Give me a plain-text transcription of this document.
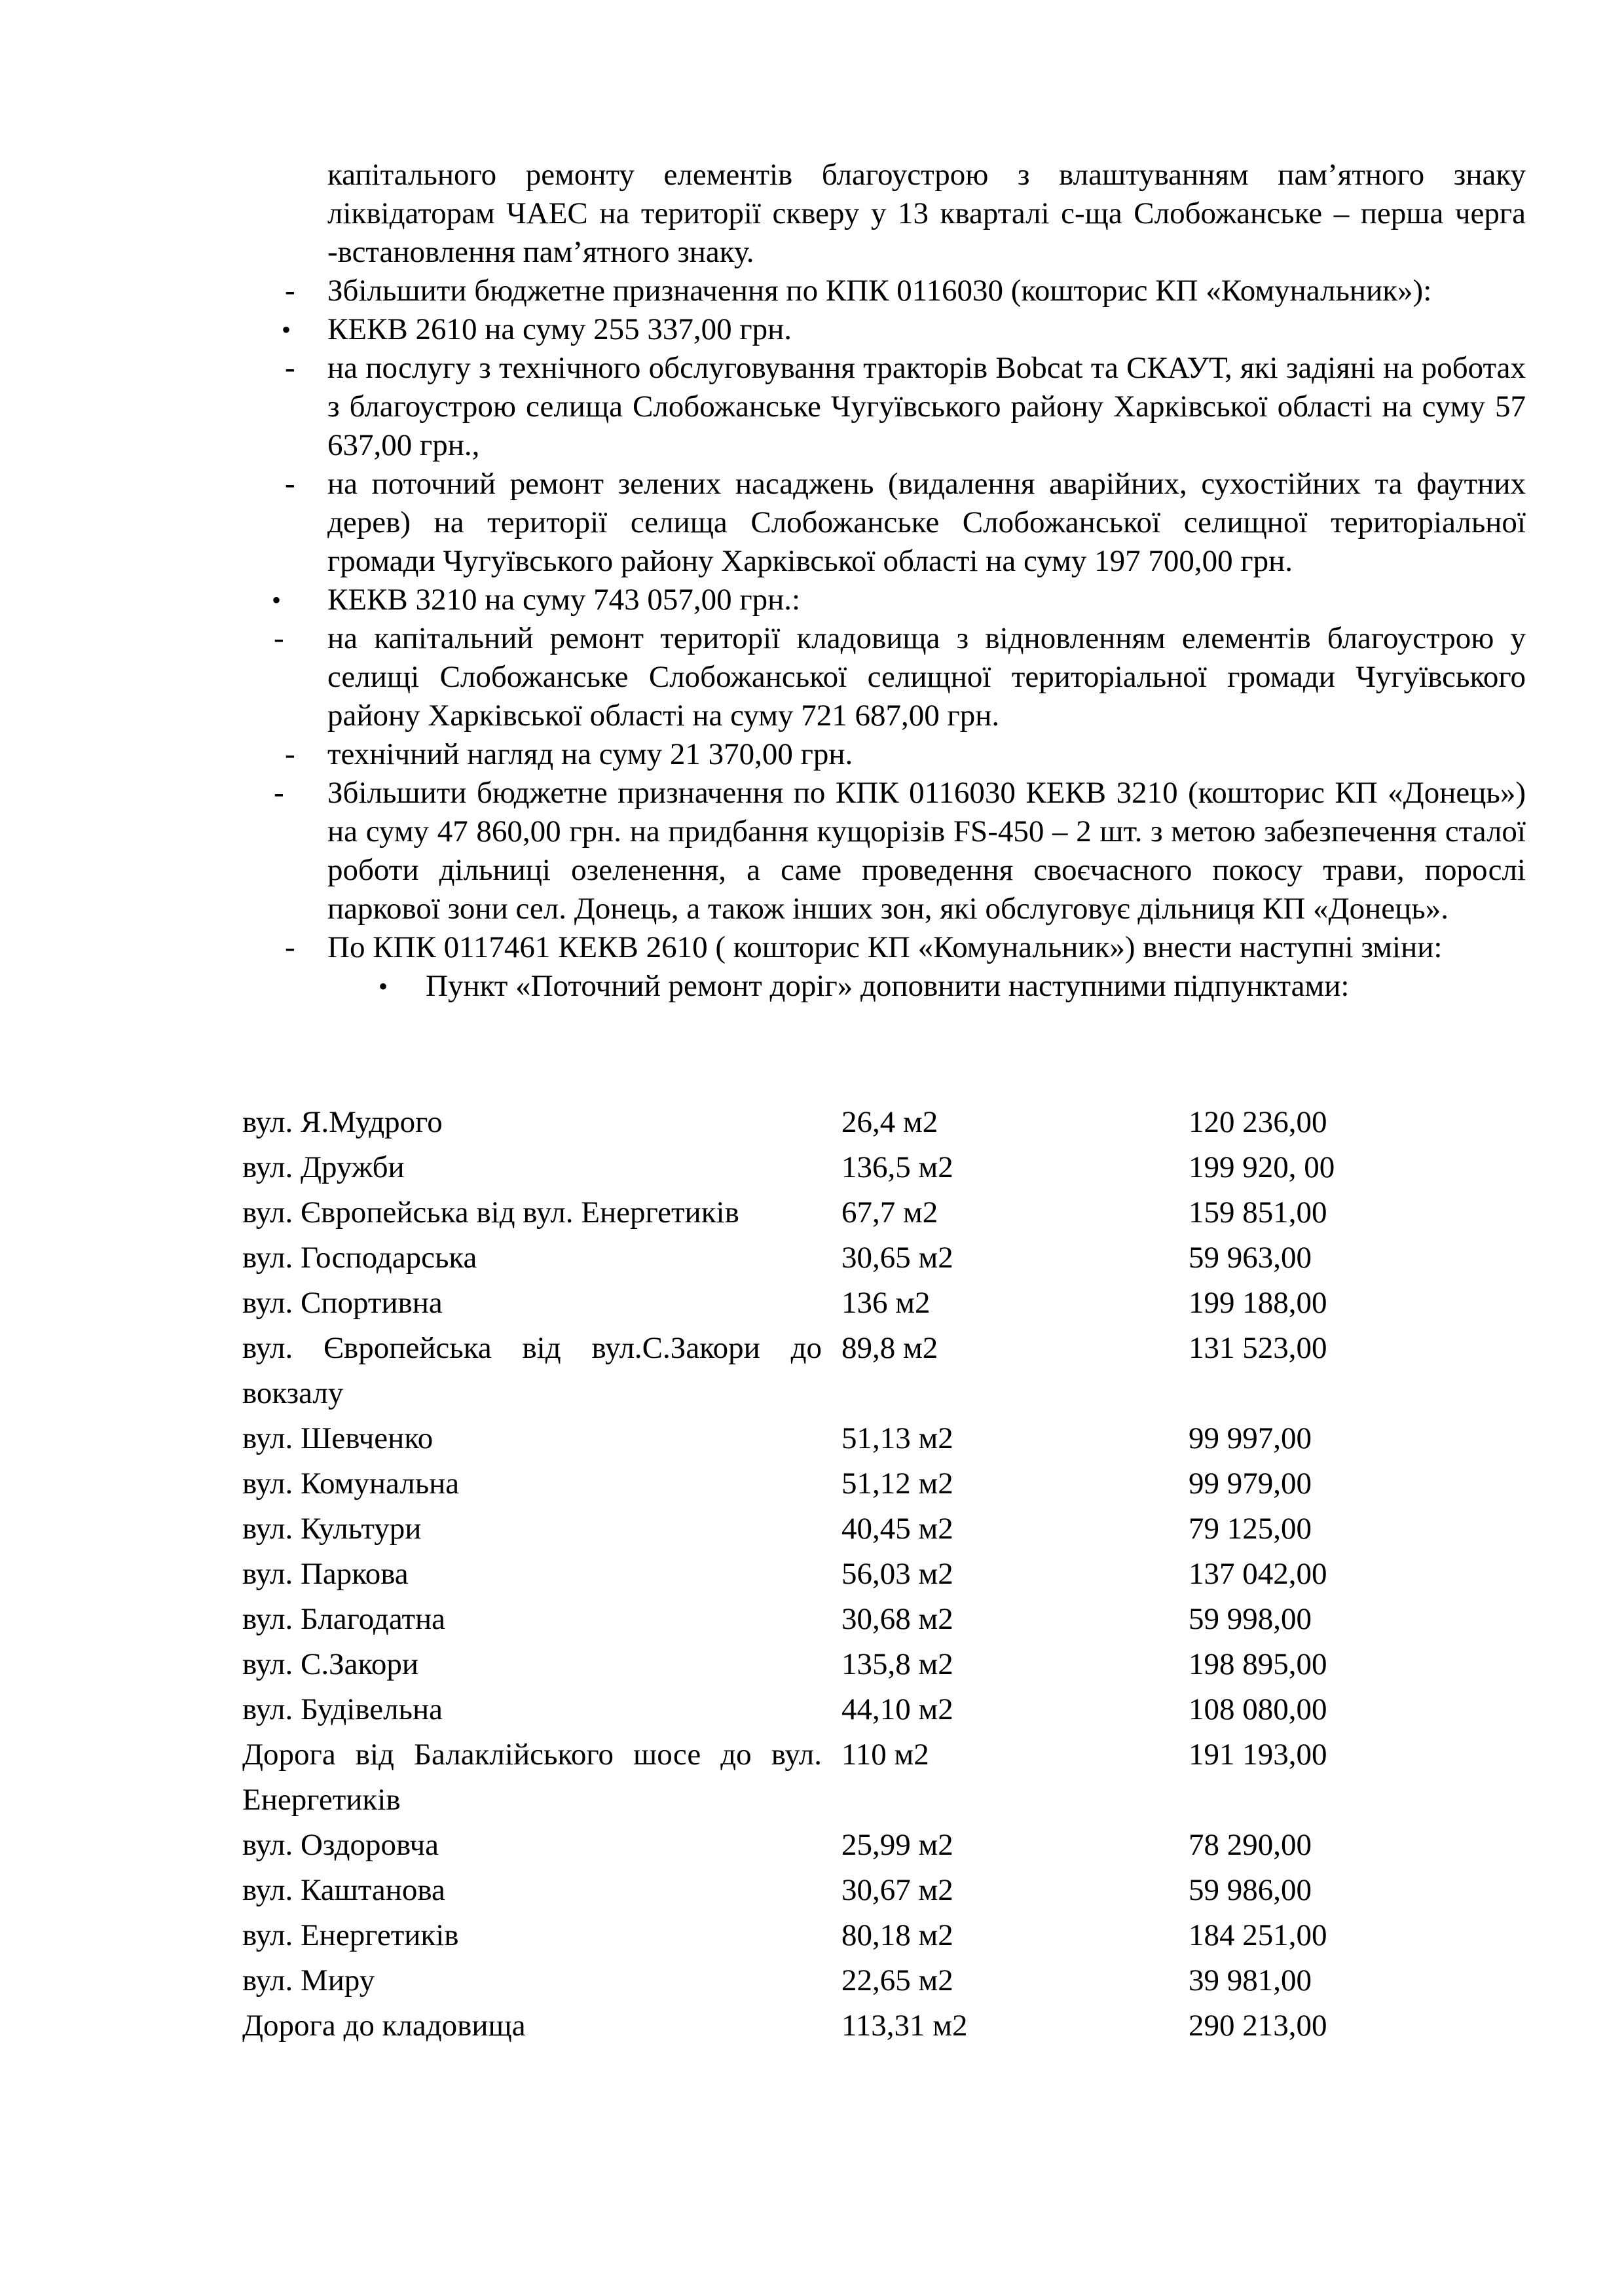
капітального ремонту елементів благоустрою з влаштуванням пам’ятного знаку ліквідаторам ЧАЕС на території скверу у 13 кварталі с-ща Слобожанське – перша черга -встановлення пам’ятного знаку.
- Збільшити бюджетне призначення по КПК 0116030 (кошторис КП «Комунальник»):
• КЕКВ 2610 на суму 255 337,00 грн.
- на послугу з технічного обслуговування тракторів Bobcat та СКАУТ, які задіяні на роботах з благоустрою селища Слобожанське Чугуївського району Харківської області на суму 57 637,00 грн.,
- на поточний ремонт зелених насаджень (видалення аварійних, сухостійних та фаутних дерев) на території селища Слобожанське Слобожанської селищної територіальної громади Чугуївського району Харківської області на суму 197 700,00 грн.
• КЕКВ 3210 на суму 743 057,00 грн.:
- на капітальний ремонт території кладовища з відновленням елементів благоустрою у селищі Слобожанське Слобожанської селищної територіальної громади Чугуївського району Харківської області на суму 721 687,00 грн.
- технічний нагляд на суму 21 370,00 грн.
- Збільшити бюджетне призначення по КПК 0116030 КЕКВ 3210 (кошторис КП «Донець») на суму 47 860,00 грн. на придбання кущорізів FS-450 – 2 шт. з метою забезпечення сталої роботи дільниці озеленення, а саме проведення своєчасного покосу трави, порослі паркової зони сел. Донець, а також інших зон, які обслуговує дільниця КП «Донець».
- По КПК 0117461 КЕКВ 2610 ( кошторис КП «Комунальник») внести наступні зміни:
• Пункт «Поточний ремонт доріг» доповнити наступними підпунктами:
вул. Я.Мудрого	26,4 м2	120 236,00
вул. Дружби	136,5 м2	199 920, 00
вул. Європейська від вул. Енергетиків	67,7 м2	159 851,00
вул. Господарська	30,65 м2	59 963,00
вул. Спортивна	136 м2	199 188,00
вул. Європейська від вул.С.Закори до вокзалу
89,8 м2	131 523,00
вул. Шевченко	51,13 м2	99 997,00
вул. Комунальна	51,12 м2	99 979,00
вул. Культури	40,45 м2	79 125,00
вул. Паркова	56,03 м2	137 042,00
вул. Благодатна	30,68 м2	59 998,00
вул. С.Закори	135,8 м2	198 895,00
вул. Будівельна	44,10 м2	108 080,00
Дорога від Балаклійського шосе до вул. Енергетиків
110 м2	191 193,00
вул. Оздоровча	25,99 м2	78 290,00
вул. Каштанова	30,67 м2	59 986,00
вул. Енергетиків	80,18 м2	184 251,00
вул. Миру	22,65 м2	39 981,00
Дорога до кладовища	113,31 м2	290 213,00
